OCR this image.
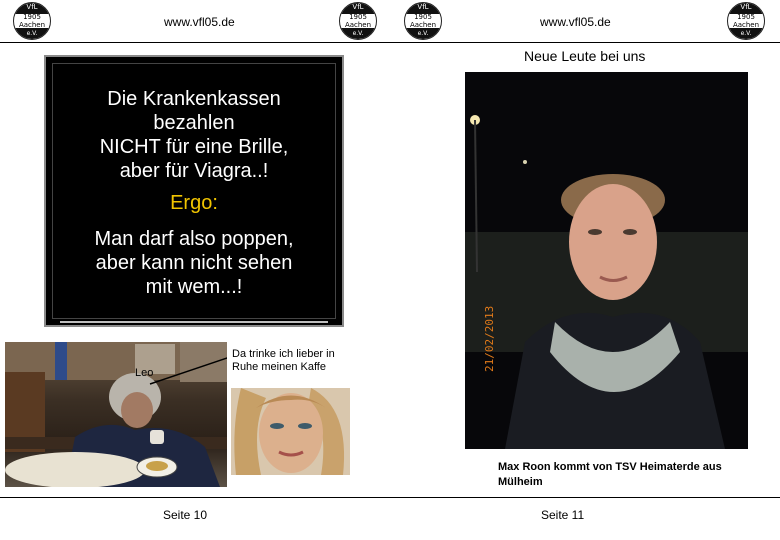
VfL
1905
Aachen
e.V.
www.vfl05.de
VfL
1905
Aachen
e.V.
VfL
1905
Aachen
e.V.
www.vfl05.de
VfL
1905
Aachen
e.V.
Die Krankenkassen
bezahlen
NICHT für eine Brille,
aber für Viagra..!
Ergo:
Man darf also poppen,
aber kann nicht sehen
mit wem...!
Leo
Da trinke ich lieber in Ruhe meinen Kaffe
Neue Leute bei uns
21/02/2013
Max Roon kommt von TSV Heimaterde aus Mülheim
Seite 10	Seite 11
